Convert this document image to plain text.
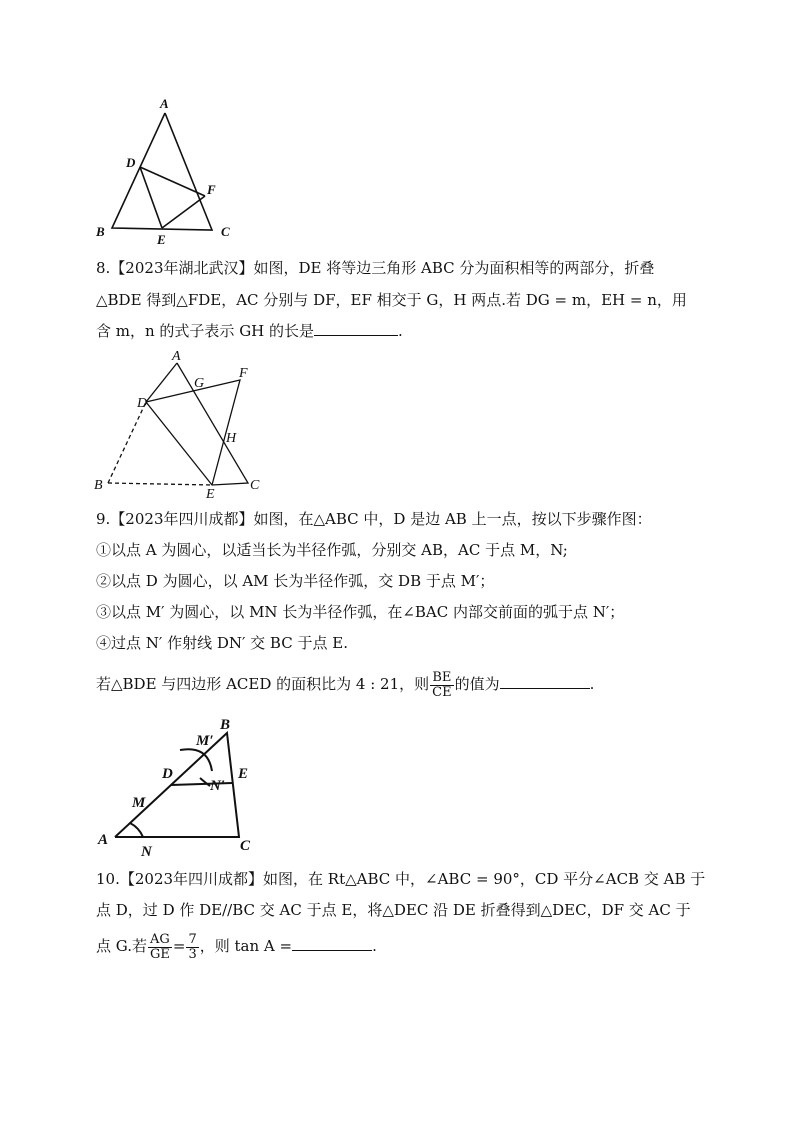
A
B	C
D
E
F
8.【2023年湖北武汉】如图，DE 将等边三角形 ABC 分为面积相等的两部分，折叠
△BDE 得到△FDE，AC 分别与 DF，EF 相交于 G，H 两点.若 DG = m，EH = n，用
含 m，n 的式子表示 GH 的长是	.
A
F
G
D
H
B	C
E
9.【2023年四川成都】如图，在△ABC 中，D 是边 AB 上一点，按以下步骤作图：
①以点 A 为圆心，以适当长为半径作弧，分别交 AB，AC 于点 M，N;
②以点 D 为圆心，以 AM 长为半径作弧，交 DB 于点 M′；
③以点 M′ 为圆心，以 MN 长为半径作弧，在∠BAC 内部交前面的弧于点 N′；
④过点 N′ 作射线 DN′ 交 BC 于点 E.
若△BDE 与四边形 ACED 的面积比为 4 : 21，则 $\frac{BE}{CE}$ 的值为	.
B
M′
D	E
N′
M
A
N	C
10.【2023年四川成都】如图，在 Rt△ABC 中，∠ABC = 90°，CD 平分∠ACB 交 AB 于
点 D，过 D 作 DE//BC 交 AC 于点 E，将△DEC 沿 DE 折叠得到△DEC，DF 交 AC 于
点 G.若 $\frac{AG}{GE} = \frac{7}{3}$ ，则 tan A =	.
